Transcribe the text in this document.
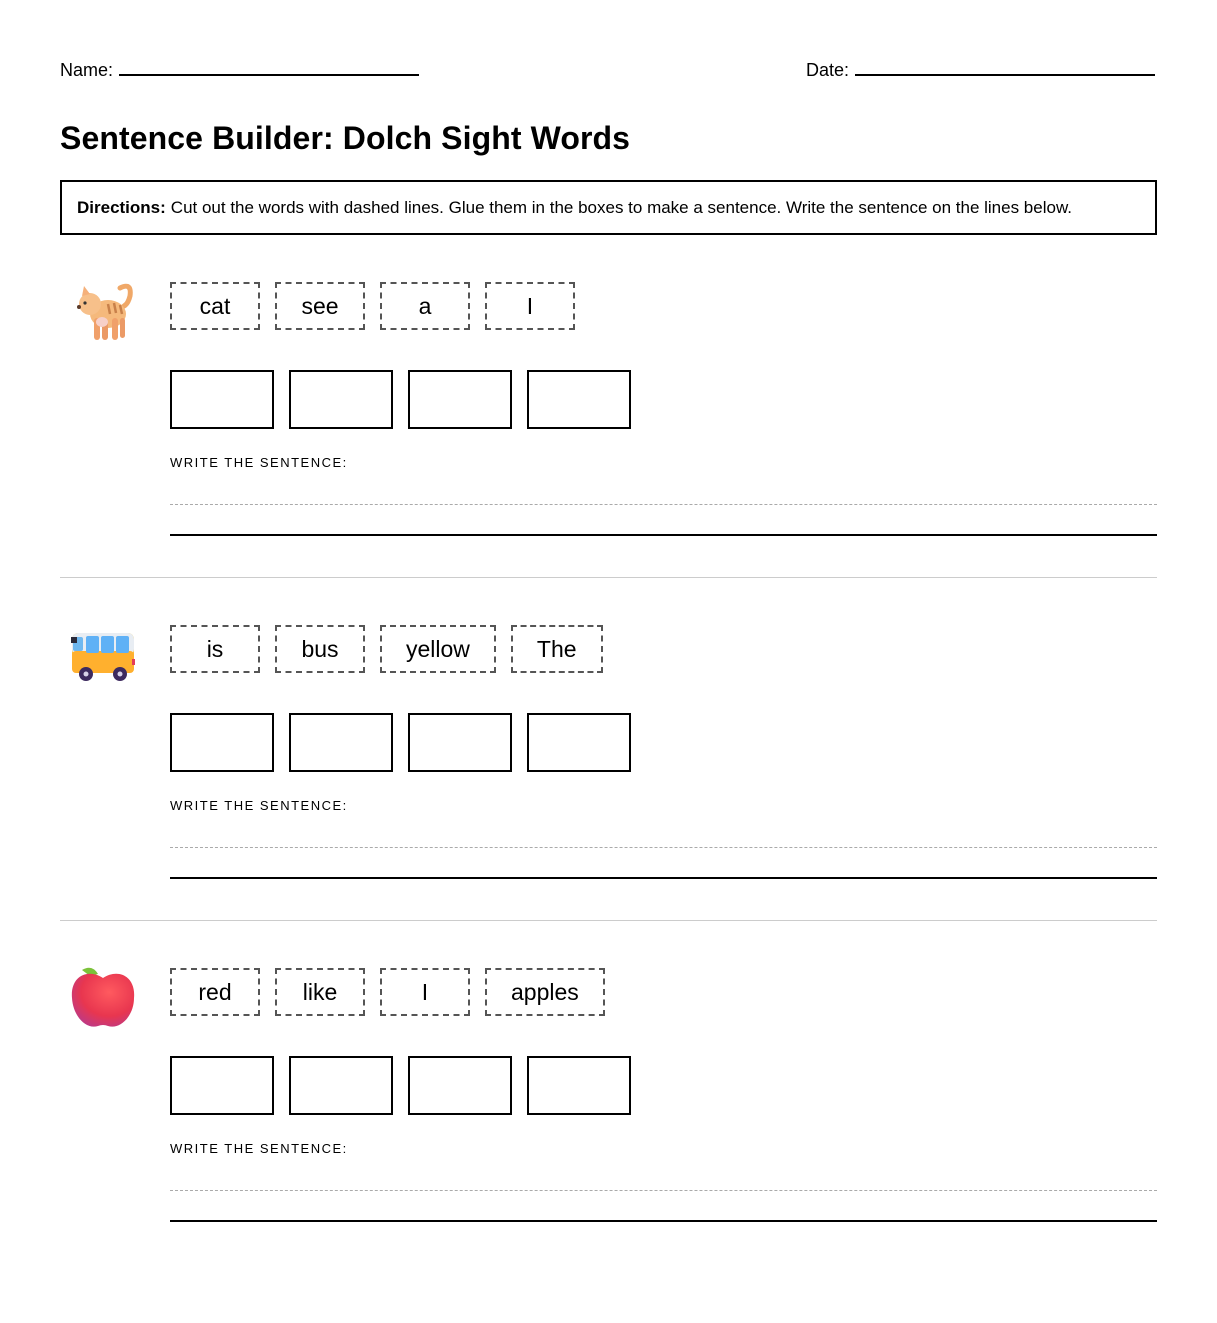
Name:	Date:
Sentence Builder: Dolch Sight Words
Directions: Cut out the words with dashed lines. Glue them in the boxes to make a sentence. Write the sentence on the lines below.
cat	see	a	I
WRITE THE SENTENCE:
is	bus	yellow	The
WRITE THE SENTENCE:
red	like	I	apples
WRITE THE SENTENCE:
